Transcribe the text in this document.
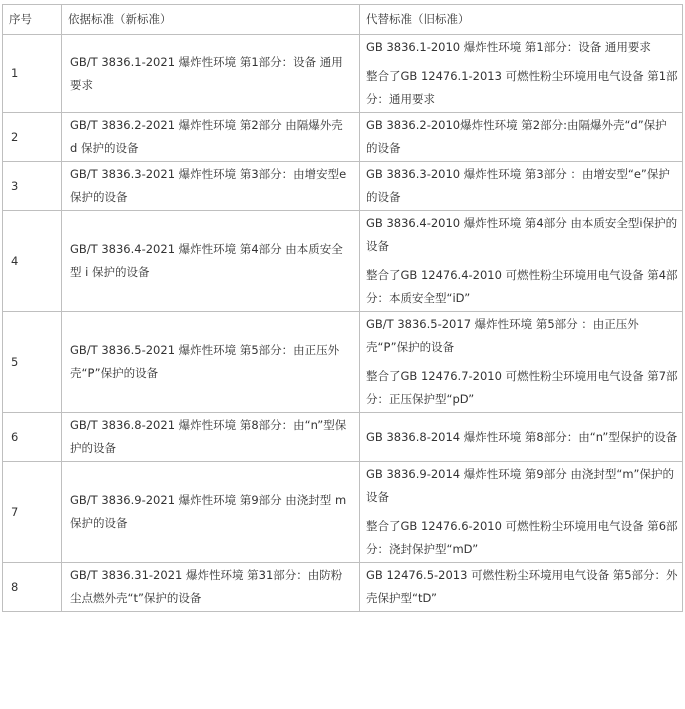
序号	依据标准（新标准）	代替标准（旧标准）
1	GB/T 3836.1-2021 爆炸性环境 第1部分：设备 通用要求	GB 3836.1-2010 爆炸性环境 第1部分：设备 通用要求

整合了GB 12476.1-2013 可燃性粉尘环境用电气设备 第1部分：通用要求

2	GB/T 3836.2-2021 爆炸性环境 第2部分 由隔爆外壳 d 保护的设备	GB 3836.2-2010爆炸性环境 第2部分:由隔爆外壳“d”保护的设备

3	GB/T 3836.3-2021 爆炸性环境 第3部分：由增安型e保护的设备	GB 3836.3-2010 爆炸性环境 第3部分 ：由增安型“e”保护的设备

4	GB/T 3836.4-2021 爆炸性环境 第4部分 由本质安全型 i 保护的设备	GB 3836.4-2010 爆炸性环境 第4部分 由本质安全型i保护的设备

整合了GB 12476.4-2010 可燃性粉尘环境用电气设备 第4部分：本质安全型“iD”

5	GB/T 3836.5-2021 爆炸性环境 第5部分：由正压外壳“P”保护的设备	GB/T 3836.5-2017 爆炸性环境 第5部分 ：由正压外壳“P”保护的设备

整合了GB 12476.7-2010 可燃性粉尘环境用电气设备 第7部分：正压保护型“pD”

6	GB/T 3836.8-2021 爆炸性环境 第8部分：由“n”型保护的设备	GB 3836.8-2014 爆炸性环境 第8部分：由“n”型保护的设备

7	GB/T 3836.9-2021 爆炸性环境 第9部分 由浇封型 m 保护的设备	GB 3836.9-2014 爆炸性环境 第9部分 由浇封型“m”保护的设备

整合了GB 12476.6-2010 可燃性粉尘环境用电气设备 第6部分：浇封保护型“mD”

8	GB/T 3836.31-2021 爆炸性环境 第31部分：由防粉尘点燃外壳“t”保护的设备	GB 12476.5-2013 可燃性粉尘环境用电气设备 第5部分：外壳保护型“tD”
